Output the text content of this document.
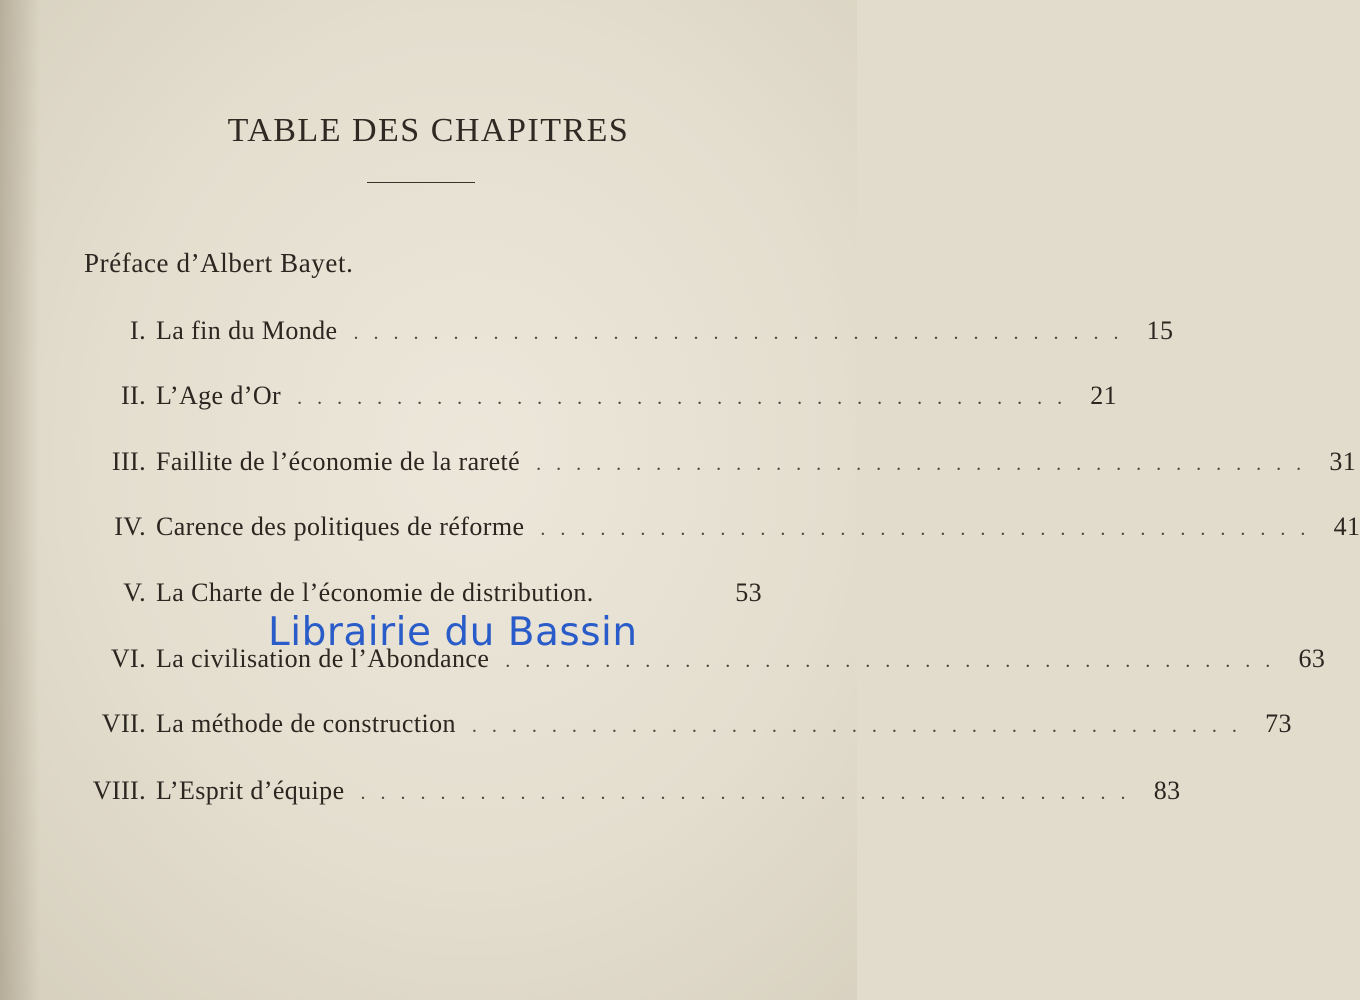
TABLE DES CHAPITRES
Préface d’Albert Bayet.
I. La fin du Monde . . . . . . . . . . . . . . . . . . . . . . . . . . . . . . . . . . . . . . . 15
II. L’Age d’Or . . . . . . . . . . . . . . . . . . . . . . . . . . . . . . . . . . . . . . . 21
III. Faillite de l’économie de la rareté . . . . . . . . . . . . . . . . . . . . . . . . . . . . . . . . . . . . . . . 31
IV. Carence des politiques de réforme . . . . . . . . . . . . . . . . . . . . . . . . . . . . . . . . . . . . . . . 41
V. La Charte de l’économie de distribution.	53
VI. La civilisation de l’Abondance . . . . . . . . . . . . . . . . . . . . . . . . . . . . . . . . . . . . . . . 63
VII. La méthode de construction . . . . . . . . . . . . . . . . . . . . . . . . . . . . . . . . . . . . . . . 73
VIII. L’Esprit d’équipe . . . . . . . . . . . . . . . . . . . . . . . . . . . . . . . . . . . . . . . 83
Librairie du Bassin
